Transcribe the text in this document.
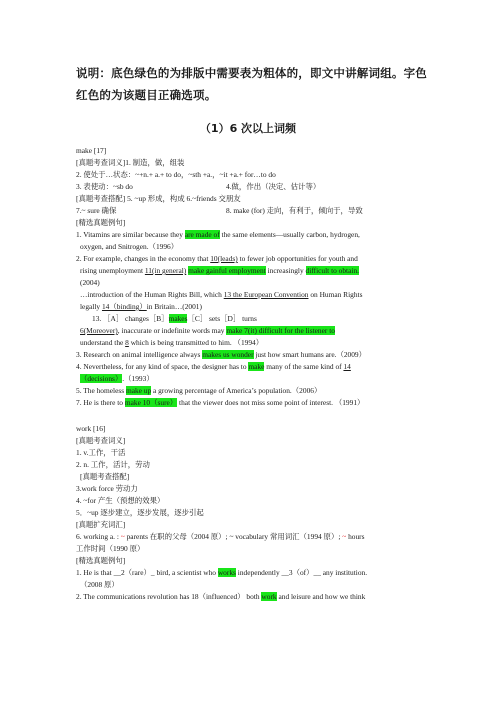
说明：底色绿色的为排版中需要表为粗体的，即文中讲解词组。字色
红色的为该题目正确选项。
（1）6 次以上词频
make [17]
[真题考查词义]1. 制造，做，组装
2. 使处于…状态：~+n.+ a.+ to do，~sth +a.，~it +a.+ for…to do
3. 表使动：~sb do	4.做，作出（决定、估计等）
[真题考查搭配] 5. ~up 形成，构成 6.~friends 交朋友
7.~ sure 确保	8. make (for) 走向，有利于，倾向于，导致
[精选真题例句]
1. Vitamins are similar because they are made of the same elements—usually carbon, hydrogen,
oxygen, and Snitrogen.（1996）
2. For example, changes in the economy that 10(leads) to fewer job opportunities for youth and
rising unemployment 11(in general) make gainful employment increasingly difficult to obtain.
(2004)
…introduction of the Human Rights Bill, which 13 the European Convention on Human Rights
legally 14（binding）in Britain…(2001)
13. ［A］ changes［B］makes［C］ sets［D］ turns
6(Moreover), inaccurate or indefinite words may make 7(it) difficult for the listener to
understand the 8 which is being transmitted to him. （1994）
3. Research on animal intelligence always makes us wonder just how smart humans are.（2009）
4. Nevertheless, for any kind of space, the designer has to make many of the same kind of 14
（decisions）.（1993）
5. The homeless make up a growing percentage of America’s population.（2006）
7. He is there to make 10（sure） that the viewer does not miss some point of interest. （1991）
work [16]
[真题考查词义]
1. v.工作，干活
2. n. 工作，活计，劳动
[真题考查搭配]
3.work force 劳动力
4. ~for 产生（预想的效果）
5．~up 逐步建立，逐步发展，逐步引起
[真题扩充词汇]
6. working a. : ~ parents 在职的父母（2004 原）; ~ vocabulary 常用词汇（1994 原）; ~ hours
工作时间（1990 原）
[精选真题例句]
1. He is that __2（rare）_ bird, a scientist who works independently __3（of）__ any institution.
（2008 原）
2. The communications revolution has 18（influenced） both work and leisure and how we think
